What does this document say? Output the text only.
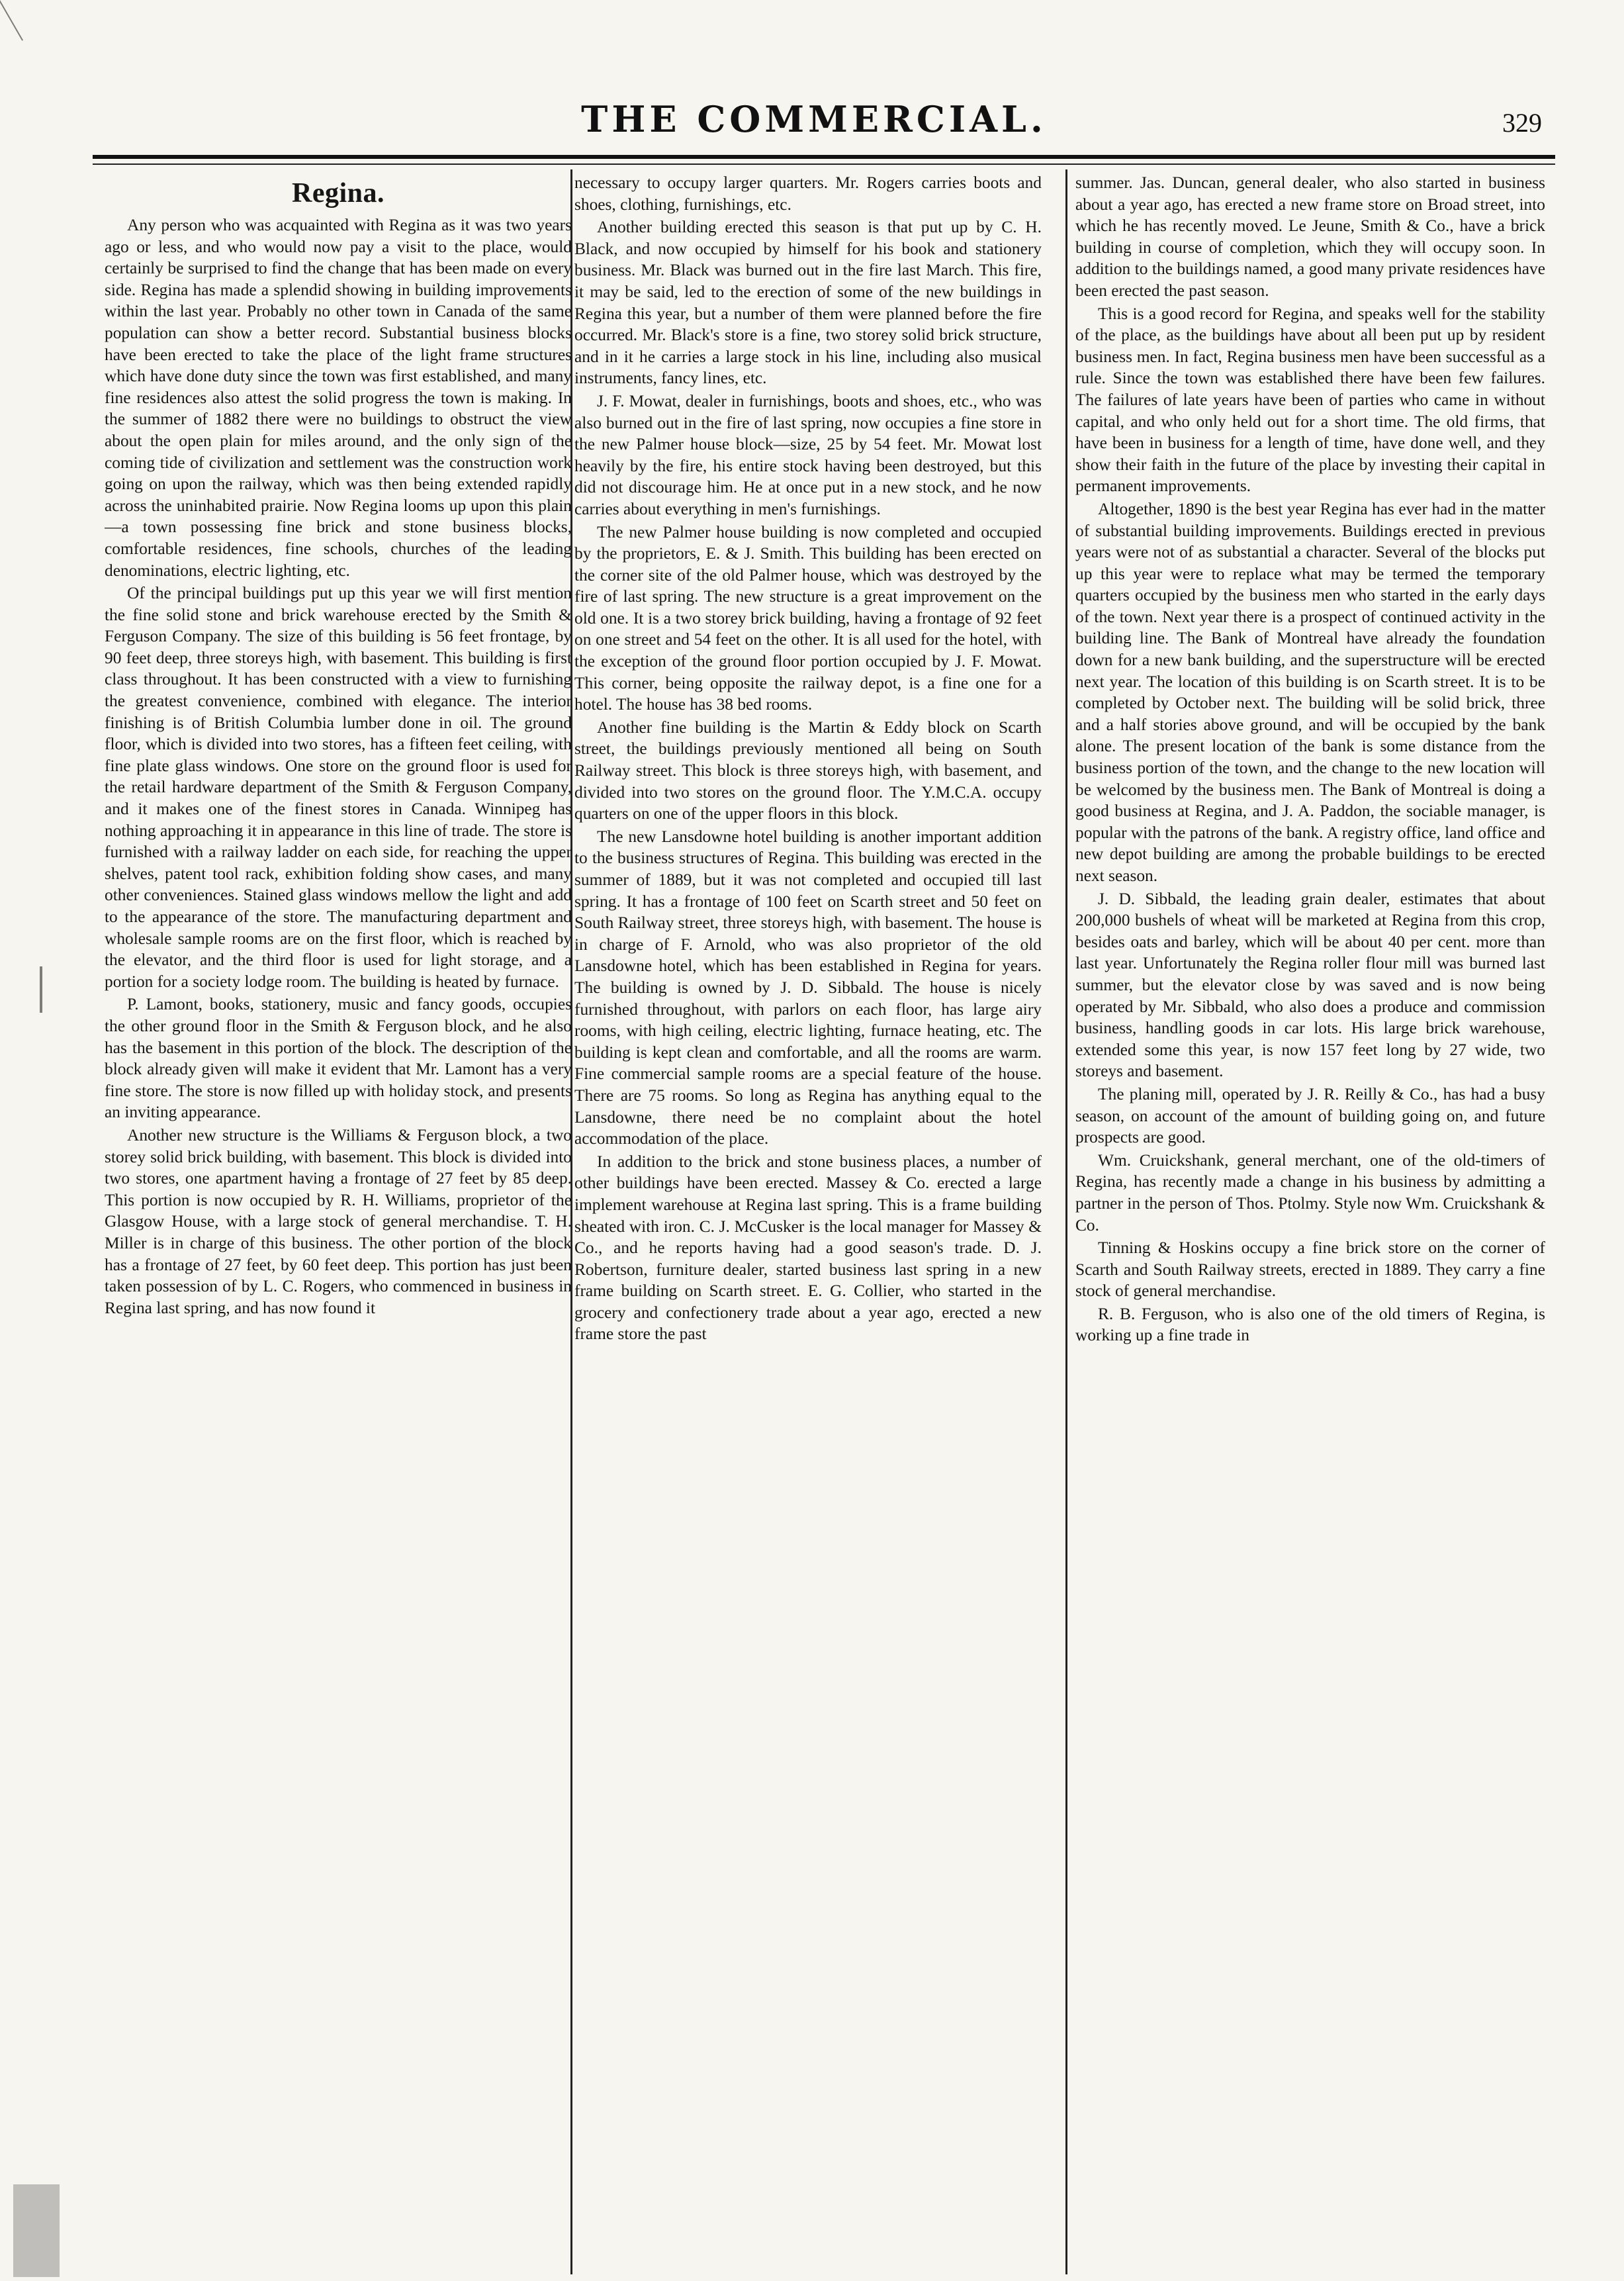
THE COMMERCIAL.	329
Regina.

Any person who was acquainted with Regina as it was two years ago or less, and who would now pay a visit to the place, would certainly be surprised to find the change that has been made on every side. Regina has made a splendid showing in building improvements within the last year. Probably no other town in Canada of the same population can show a better record. Substantial business blocks have been erected to take the place of the light frame structures which have done duty since the town was first established, and many fine residences also attest the solid progress the town is making. In the summer of 1882 there were no buildings to obstruct the view about the open plain for miles around, and the only sign of the coming tide of civilization and settlement was the construction work going on upon the railway, which was then being extended rapidly across the uninhabited prairie. Now Regina looms up upon this plain—a town possessing fine brick and stone business blocks, comfortable residences, fine schools, churches of the leading denominations, electric lighting, etc.

Of the principal buildings put up this year we will first mention the fine solid stone and brick warehouse erected by the Smith & Ferguson Company. The size of this building is 56 feet frontage, by 90 feet deep, three storeys high, with basement. This building is first class throughout. It has been constructed with a view to furnishing the greatest convenience, combined with elegance. The interior finishing is of British Columbia lumber done in oil. The ground floor, which is divided into two stores, has a fifteen feet ceiling, with fine plate glass windows. One store on the ground floor is used for the retail hardware department of the Smith & Ferguson Company, and it makes one of the finest stores in Canada. Winnipeg has nothing approaching it in appearance in this line of trade. The store is furnished with a railway ladder on each side, for reaching the upper shelves, patent tool rack, exhibition folding show cases, and many other conveniences. Stained glass windows mellow the light and add to the appearance of the store. The manufacturing department and wholesale sample rooms are on the first floor, which is reached by the elevator, and the third floor is used for light storage, and a portion for a society lodge room. The building is heated by furnace.

P. Lamont, books, stationery, music and fancy goods, occupies the other ground floor in the Smith & Ferguson block, and he also has the basement in this portion of the block. The description of the block already given will make it evident that Mr. Lamont has a very fine store. The store is now filled up with holiday stock, and presents an inviting appearance.

Another new structure is the Williams & Ferguson block, a two storey solid brick building, with basement. This block is divided into two stores, one apartment having a frontage of 27 feet by 85 deep. This portion is now occupied by R. H. Williams, proprietor of the Glasgow House, with a large stock of general merchandise. T. H. Miller is in charge of this business. The other portion of the block has a frontage of 27 feet, by 60 feet deep. This portion has just been taken possession of by L. C. Rogers, who commenced in business in Regina last spring, and has now found it

necessary to occupy larger quarters. Mr. Rogers carries boots and shoes, clothing, furnishings, etc.

Another building erected this season is that put up by C. H. Black, and now occupied by himself for his book and stationery business. Mr. Black was burned out in the fire last March. This fire, it may be said, led to the erection of some of the new buildings in Regina this year, but a number of them were planned before the fire occurred. Mr. Black's store is a fine, two storey solid brick structure, and in it he carries a large stock in his line, including also musical instruments, fancy lines, etc.

J. F. Mowat, dealer in furnishings, boots and shoes, etc., who was also burned out in the fire of last spring, now occupies a fine store in the new Palmer house block—size, 25 by 54 feet. Mr. Mowat lost heavily by the fire, his entire stock having been destroyed, but this did not discourage him. He at once put in a new stock, and he now carries about everything in men's furnishings.

The new Palmer house building is now completed and occupied by the proprietors, E. & J. Smith. This building has been erected on the corner site of the old Palmer house, which was destroyed by the fire of last spring. The new structure is a great improvement on the old one. It is a two storey brick building, having a frontage of 92 feet on one street and 54 feet on the other. It is all used for the hotel, with the exception of the ground floor portion occupied by J. F. Mowat. This corner, being opposite the railway depot, is a fine one for a hotel. The house has 38 bed rooms.

Another fine building is the Martin & Eddy block on Scarth street, the buildings previously mentioned all being on South Railway street. This block is three storeys high, with basement, and divided into two stores on the ground floor. The Y.M.C.A. occupy quarters on one of the upper floors in this block.

The new Lansdowne hotel building is another important addition to the business structures of Regina. This building was erected in the summer of 1889, but it was not completed and occupied till last spring. It has a frontage of 100 feet on Scarth street and 50 feet on South Railway street, three storeys high, with basement. The house is in charge of F. Arnold, who was also proprietor of the old Lansdowne hotel, which has been established in Regina for years. The building is owned by J. D. Sibbald. The house is nicely furnished throughout, with parlors on each floor, has large airy rooms, with high ceiling, electric lighting, furnace heating, etc. The building is kept clean and comfortable, and all the rooms are warm. Fine commercial sample rooms are a special feature of the house. There are 75 rooms. So long as Regina has anything equal to the Lansdowne, there need be no complaint about the hotel accommodation of the place.

In addition to the brick and stone business places, a number of other buildings have been erected. Massey & Co. erected a large implement warehouse at Regina last spring. This is a frame building sheated with iron. C. J. McCusker is the local manager for Massey & Co., and he reports having had a good season's trade. D. J. Robertson, furniture dealer, started business last spring in a new frame building on Scarth street. E. G. Collier, who started in the grocery and confectionery trade about a year ago, erected a new frame store the past

summer. Jas. Duncan, general dealer, who also started in business about a year ago, has erected a new frame store on Broad street, into which he has recently moved. Le Jeune, Smith & Co., have a brick building in course of completion, which they will occupy soon. In addition to the buildings named, a good many private residences have been erected the past season.

This is a good record for Regina, and speaks well for the stability of the place, as the buildings have about all been put up by resident business men. In fact, Regina business men have been successful as a rule. Since the town was established there have been few failures. The failures of late years have been of parties who came in without capital, and who only held out for a short time. The old firms, that have been in business for a length of time, have done well, and they show their faith in the future of the place by investing their capital in permanent improvements.

Altogether, 1890 is the best year Regina has ever had in the matter of substantial building improvements. Buildings erected in previous years were not of as substantial a character. Several of the blocks put up this year were to replace what may be termed the temporary quarters occupied by the business men who started in the early days of the town. Next year there is a prospect of continued activity in the building line. The Bank of Montreal have already the foundation down for a new bank building, and the superstructure will be erected next year. The location of this building is on Scarth street. It is to be completed by October next. The building will be solid brick, three and a half stories above ground, and will be occupied by the bank alone. The present location of the bank is some distance from the business portion of the town, and the change to the new location will be welcomed by the business men. The Bank of Montreal is doing a good business at Regina, and J. A. Paddon, the sociable manager, is popular with the patrons of the bank. A registry office, land office and new depot building are among the probable buildings to be erected next season.

J. D. Sibbald, the leading grain dealer, estimates that about 200,000 bushels of wheat will be marketed at Regina from this crop, besides oats and barley, which will be about 40 per cent. more than last year. Unfortunately the Regina roller flour mill was burned last summer, but the elevator close by was saved and is now being operated by Mr. Sibbald, who also does a produce and commission business, handling goods in car lots. His large brick warehouse, extended some this year, is now 157 feet long by 27 wide, two storeys and basement.

The planing mill, operated by J. R. Reilly & Co., has had a busy season, on account of the amount of building going on, and future prospects are good.

Wm. Cruickshank, general merchant, one of the old-timers of Regina, has recently made a change in his business by admitting a partner in the person of Thos. Ptolmy. Style now Wm. Cruickshank & Co.

Tinning & Hoskins occupy a fine brick store on the corner of Scarth and South Railway streets, erected in 1889. They carry a fine stock of general merchandise.

R. B. Ferguson, who is also one of the old timers of Regina, is working up a fine trade in
